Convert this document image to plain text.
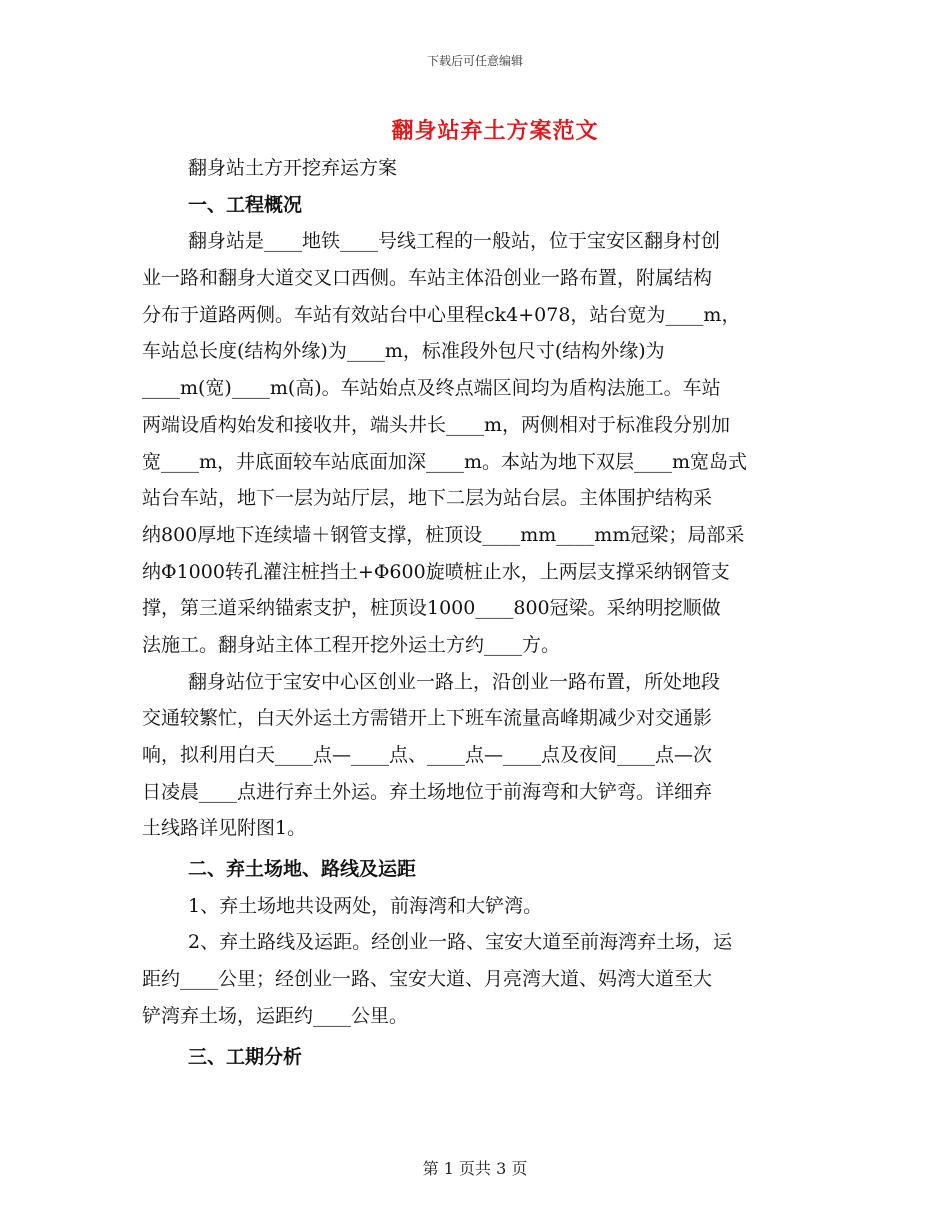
下载后可任意编辑
翻身站弃土方案范文
翻身站土方开挖弃运方案
一、工程概况
翻身站是____地铁____号线工程的一般站，位于宝安区翻身村创
业一路和翻身大道交叉口西侧。车站主体沿创业一路布置，附属结构
分布于道路两侧。车站有效站台中心里程ck4+078，站台宽为____m，
车站总长度(结构外缘)为____m，标准段外包尺寸(结构外缘)为
____m(宽)____m(高)。车站始点及终点端区间均为盾构法施工。车站
两端设盾构始发和接收井，端头井长____m，两侧相对于标准段分别加
宽____m，井底面较车站底面加深____m。本站为地下双层____m宽岛式
站台车站，地下一层为站厅层，地下二层为站台层。主体围护结构采
纳800厚地下连续墙＋钢管支撑，桩顶设____mm____mm冠梁；局部采
纳Φ1000转孔灌注桩挡土+Φ600旋喷桩止水，上两层支撑采纳钢管支
撑，第三道采纳锚索支护，桩顶设1000____800冠梁。采纳明挖顺做
法施工。翻身站主体工程开挖外运土方约____方。
翻身站位于宝安中心区创业一路上，沿创业一路布置，所处地段
交通较繁忙，白天外运土方需错开上下班车流量高峰期减少对交通影
响，拟利用白天____点—____点、____点—____点及夜间____点—次
日凌晨____点进行弃土外运。弃土场地位于前海弯和大铲弯。详细弃
土线路详见附图1。
二、弃土场地、路线及运距
1、弃土场地共设两处，前海湾和大铲湾。
2、弃土路线及运距。经创业一路、宝安大道至前海湾弃土场，运
距约____公里；经创业一路、宝安大道、月亮湾大道、妈湾大道至大
铲湾弃土场，运距约____公里。
三、工期分析
第 1 页共 3 页
